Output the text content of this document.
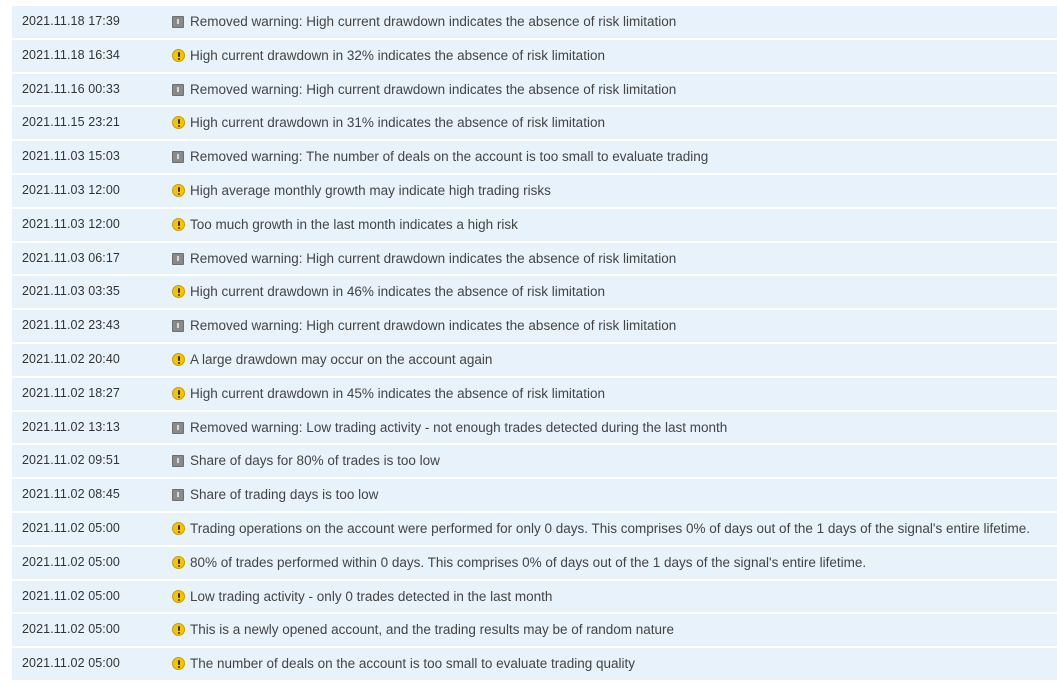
2021.11.18 17:39	Removed warning: High current drawdown indicates the absence of risk limitation
2021.11.18 16:34	High current drawdown in 32% indicates the absence of risk limitation
2021.11.16 00:33	Removed warning: High current drawdown indicates the absence of risk limitation
2021.11.15 23:21	High current drawdown in 31% indicates the absence of risk limitation
2021.11.03 15:03	Removed warning: The number of deals on the account is too small to evaluate trading
2021.11.03 12:00	High average monthly growth may indicate high trading risks
2021.11.03 12:00	Too much growth in the last month indicates a high risk
2021.11.03 06:17	Removed warning: High current drawdown indicates the absence of risk limitation
2021.11.03 03:35	High current drawdown in 46% indicates the absence of risk limitation
2021.11.02 23:43	Removed warning: High current drawdown indicates the absence of risk limitation
2021.11.02 20:40	A large drawdown may occur on the account again
2021.11.02 18:27	High current drawdown in 45% indicates the absence of risk limitation
2021.11.02 13:13	Removed warning: Low trading activity - not enough trades detected during the last month
2021.11.02 09:51	Share of days for 80% of trades is too low
2021.11.02 08:45	Share of trading days is too low
2021.11.02 05:00	Trading operations on the account were performed for only 0 days. This comprises 0% of days out of the 1 days of the signal's entire lifetime.
2021.11.02 05:00	80% of trades performed within 0 days. This comprises 0% of days out of the 1 days of the signal's entire lifetime.
2021.11.02 05:00	Low trading activity - only 0 trades detected in the last month
2021.11.02 05:00	This is a newly opened account, and the trading results may be of random nature
2021.11.02 05:00	The number of deals on the account is too small to evaluate trading quality
